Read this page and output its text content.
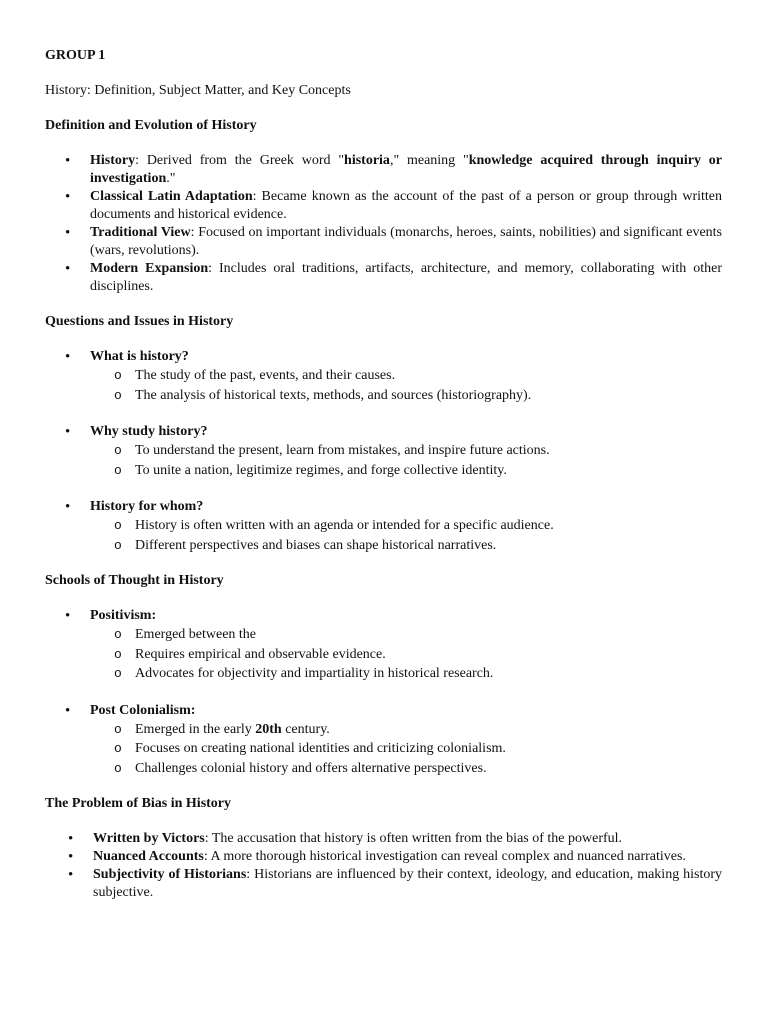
GROUP 1

History: Definition, Subject Matter, and Key Concepts

Definition and Evolution of History

• History: Derived from the Greek word "historia," meaning "knowledge acquired through inquiry or investigation."
• Classical Latin Adaptation: Became known as the account of the past of a person or group through written documents and historical evidence.
• Traditional View: Focused on important individuals (monarchs, heroes, saints, nobilities) and significant events (wars, revolutions).
• Modern Expansion: Includes oral traditions, artifacts, architecture, and memory, collaborating with other disciplines.

Questions and Issues in History

• What is history?
o The study of the past, events, and their causes.
o The analysis of historical texts, methods, and sources (historiography).
• Why study history?
o To understand the present, learn from mistakes, and inspire future actions.
o To unite a nation, legitimize regimes, and forge collective identity.
• History for whom?
o History is often written with an agenda or intended for a specific audience.
o Different perspectives and biases can shape historical narratives.

Schools of Thought in History

• Positivism:
o Emerged between the
o Requires empirical and observable evidence.
o Advocates for objectivity and impartiality in historical research.
• Post Colonialism:
o Emerged in the early 20th century.
o Focuses on creating national identities and criticizing colonialism.
o Challenges colonial history and offers alternative perspectives.

The Problem of Bias in History

• Written by Victors: The accusation that history is often written from the bias of the powerful.
• Nuanced Accounts: A more thorough historical investigation can reveal complex and nuanced narratives.
• Subjectivity of Historians: Historians are influenced by their context, ideology, and education, making history subjective.
